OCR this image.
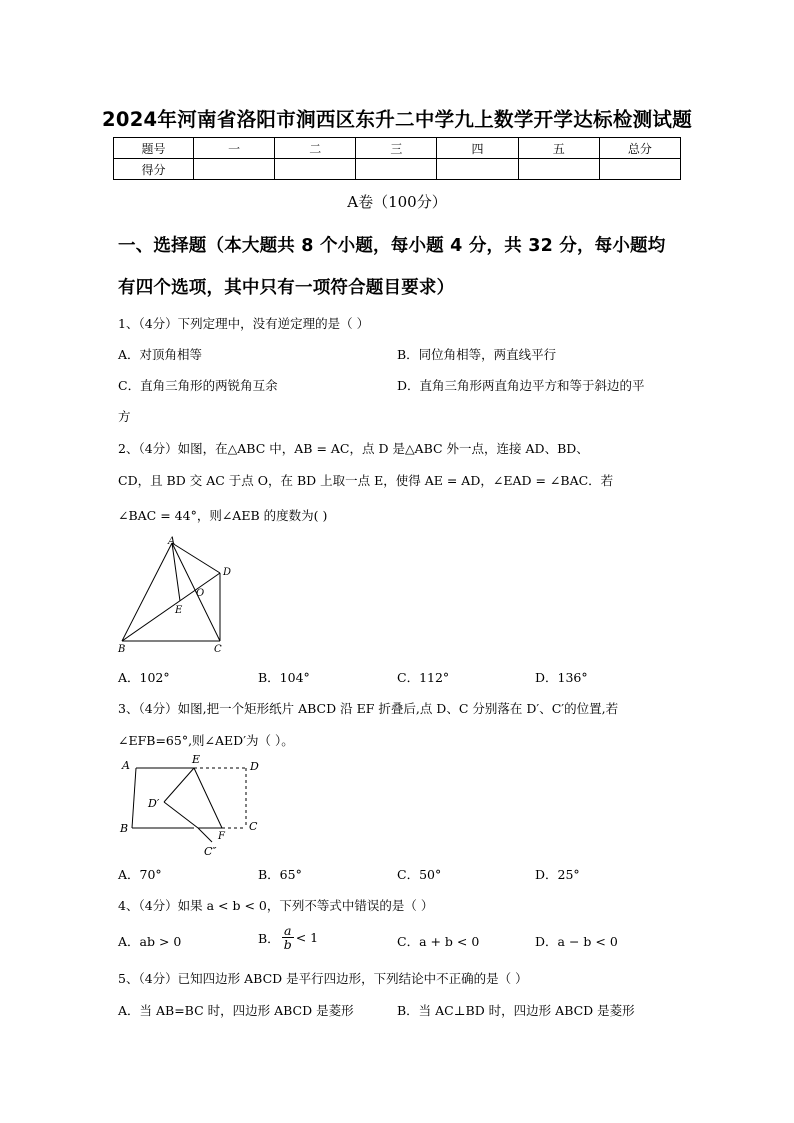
2024年河南省洛阳市涧西区东升二中学九上数学开学达标检测试题
题号	一	二	三	四	五	总分
得分						
A卷（100分）
一、选择题（本大题共 8 个小题，每小题 4 分，共 32 分，每小题均
有四个选项，其中只有一项符合题目要求）
1、（4分）下列定理中，没有逆定理的是（ ）
A．对顶角相等	B．同位角相等，两直线平行
C．直角三角形的两锐角互余	D．直角三角形两直角边平方和等于斜边的平
方
2、（4分）如图，在△ABC 中，AB = AC，点 D 是△ABC 外一点，连接 AD、BD、
CD，且 BD 交 AC 于点 O，在 BD 上取一点 E，使得 AE = AD，∠EAD = ∠BAC．若
∠BAC = 44°，则∠AEB 的度数为( )
A
D
O
E
B	C
A．102°	B．104°	C．112°	D．136°
3、（4分）如图,把一个矩形纸片 ABCD 沿 EF 折叠后,点 D、C 分别落在 D′、C′的位置,若
∠EFB=65°,则∠AED′为（ ）。
A	E
D
D′
B
F
C
C″
A．70°	B．65°	C．50°	D．25°
4、（4分）如果 a < b < 0，下列不等式中错误的是（ ）
A．ab > 0	B． $\frac{a}{b} < 1$	C．a + b < 0	D．a − b < 0
5、（4分）已知四边形 ABCD 是平行四边形，下列结论中不正确的是（ ）
A．当 AB=BC 时，四边形 ABCD 是菱形	B．当 AC⊥BD 时，四边形 ABCD 是菱形
